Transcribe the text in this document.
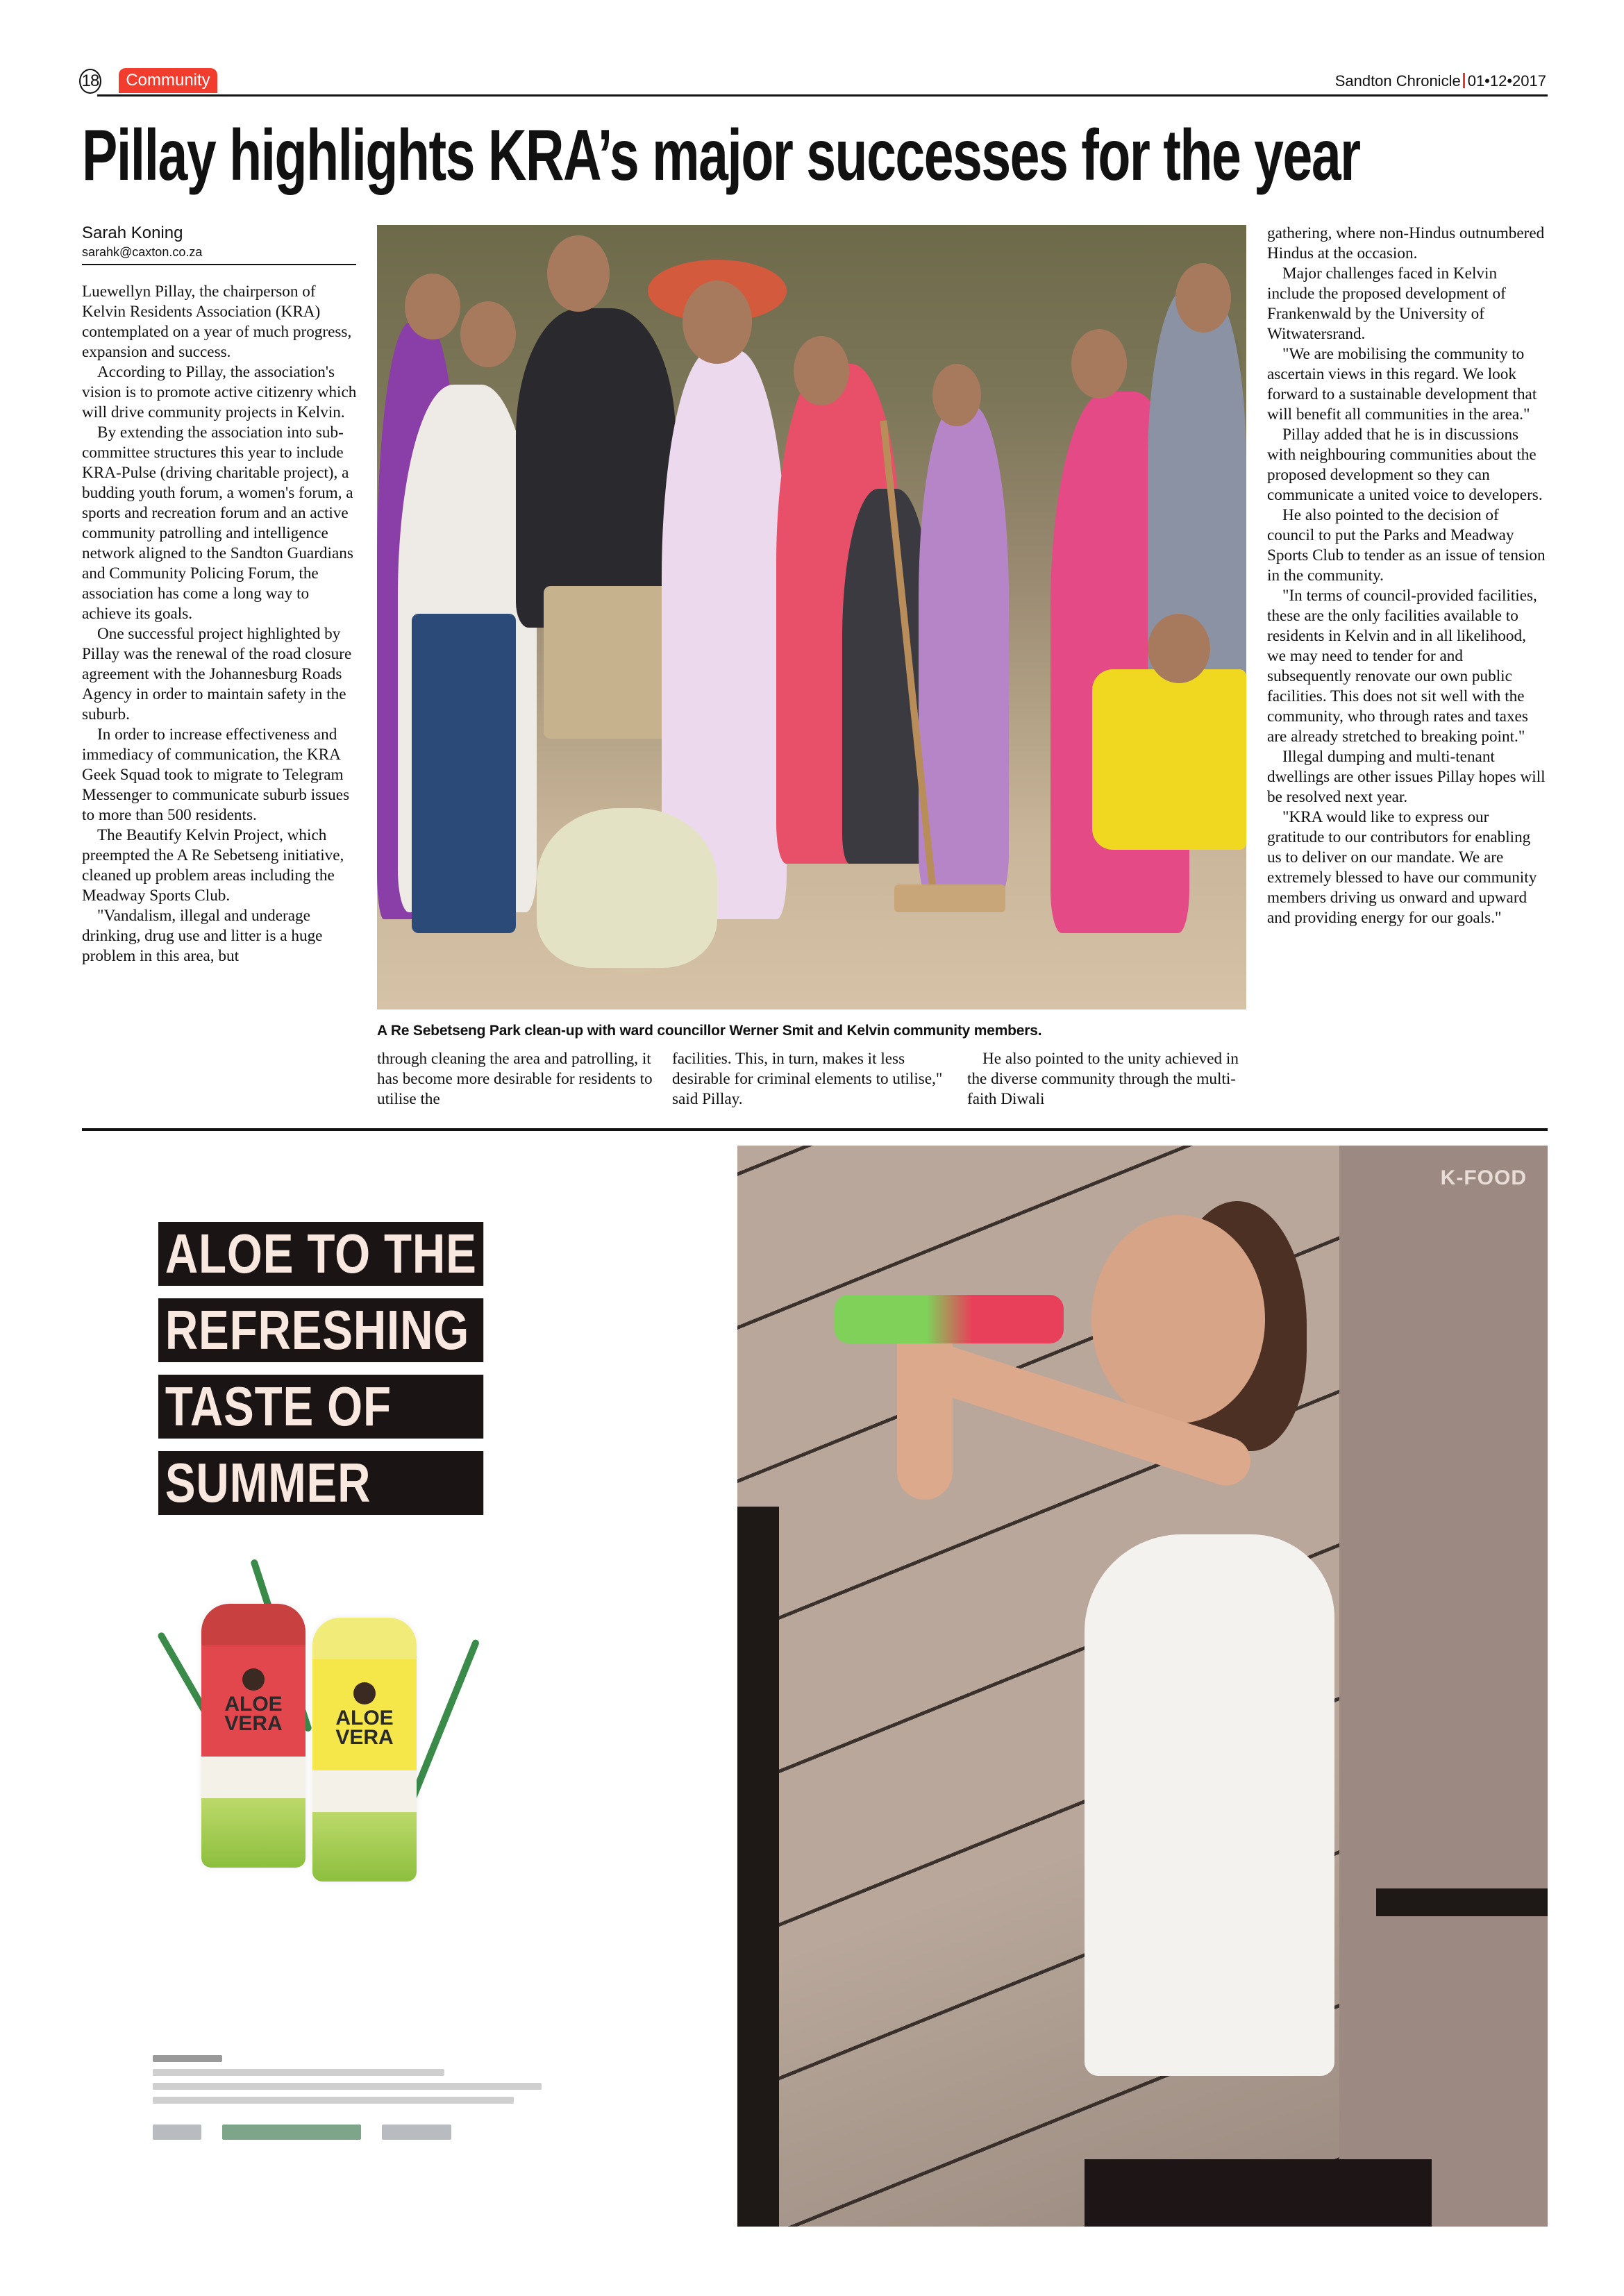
18	Community	Sandton Chronicle 01•12•2017
Pillay highlights KRA’s major successes for the year
Sarah Koning
sarahk@caxton.co.za

Luewellyn Pillay, the chairperson of Kelvin Residents Association (KRA) contemplated on a year of much progress, expansion and success.

According to Pillay, the association's vision is to promote active citizenry which will drive community projects in Kelvin.

By extending the association into sub-committee structures this year to include KRA-Pulse (driving charitable project), a budding youth forum, a women's forum, a sports and recreation forum and an active community patrolling and intelligence network aligned to the Sandton Guardians and Community Policing Forum, the association has come a long way to achieve its goals.

One successful project highlighted by Pillay was the renewal of the road closure agreement with the Johannesburg Roads Agency in order to maintain safety in the suburb.

In order to increase effectiveness and immediacy of communication, the KRA Geek Squad took to migrate to Telegram Messenger to communicate suburb issues to more than 500 residents.

The Beautify Kelvin Project, which preempted the A Re Sebetseng initiative, cleaned up problem areas including the Meadway Sports Club.

"Vandalism, illegal and underage drinking, drug use and litter is a huge problem in this area, but

A Re Sebetseng Park clean-up with ward councillor Werner Smit and Kelvin community members.

through cleaning the area and patrolling, it has become more desirable for residents to utilise the

facilities. This, in turn, makes it less desirable for criminal elements to utilise," said Pillay.

He also pointed to the unity achieved in the diverse community through the multi-faith Diwali

gathering, where non-Hindus outnumbered Hindus at the occasion.

Major challenges faced in Kelvin include the proposed development of Frankenwald by the University of Witwatersrand.

"We are mobilising the community to ascertain views in this regard. We look forward to a sustainable development that will benefit all communities in the area."

Pillay added that he is in discussions with neighbouring communities about the proposed development so they can communicate a united voice to developers.

He also pointed to the decision of council to put the Parks and Meadway Sports Club to tender as an issue of tension in the community.

"In terms of council-provided facilities, these are the only facilities available to residents in Kelvin and in all likelihood, we may need to tender for and subsequently renovate our own public facilities. This does not sit well with the community, who through rates and taxes are already stretched to breaking point."

Illegal dumping and multi-tenant dwellings are other issues Pillay hopes will be resolved next year.

"KRA would like to express our gratitude to our contributors for enabling us to deliver on our mandate. We are extremely blessed to have our community members driving us onward and upward and providing energy for our goals."

ALOE TO THE
REFRESHING
TASTE OF
SUMMER
ALOE VERA	ALOE VERA
K-FOOD
